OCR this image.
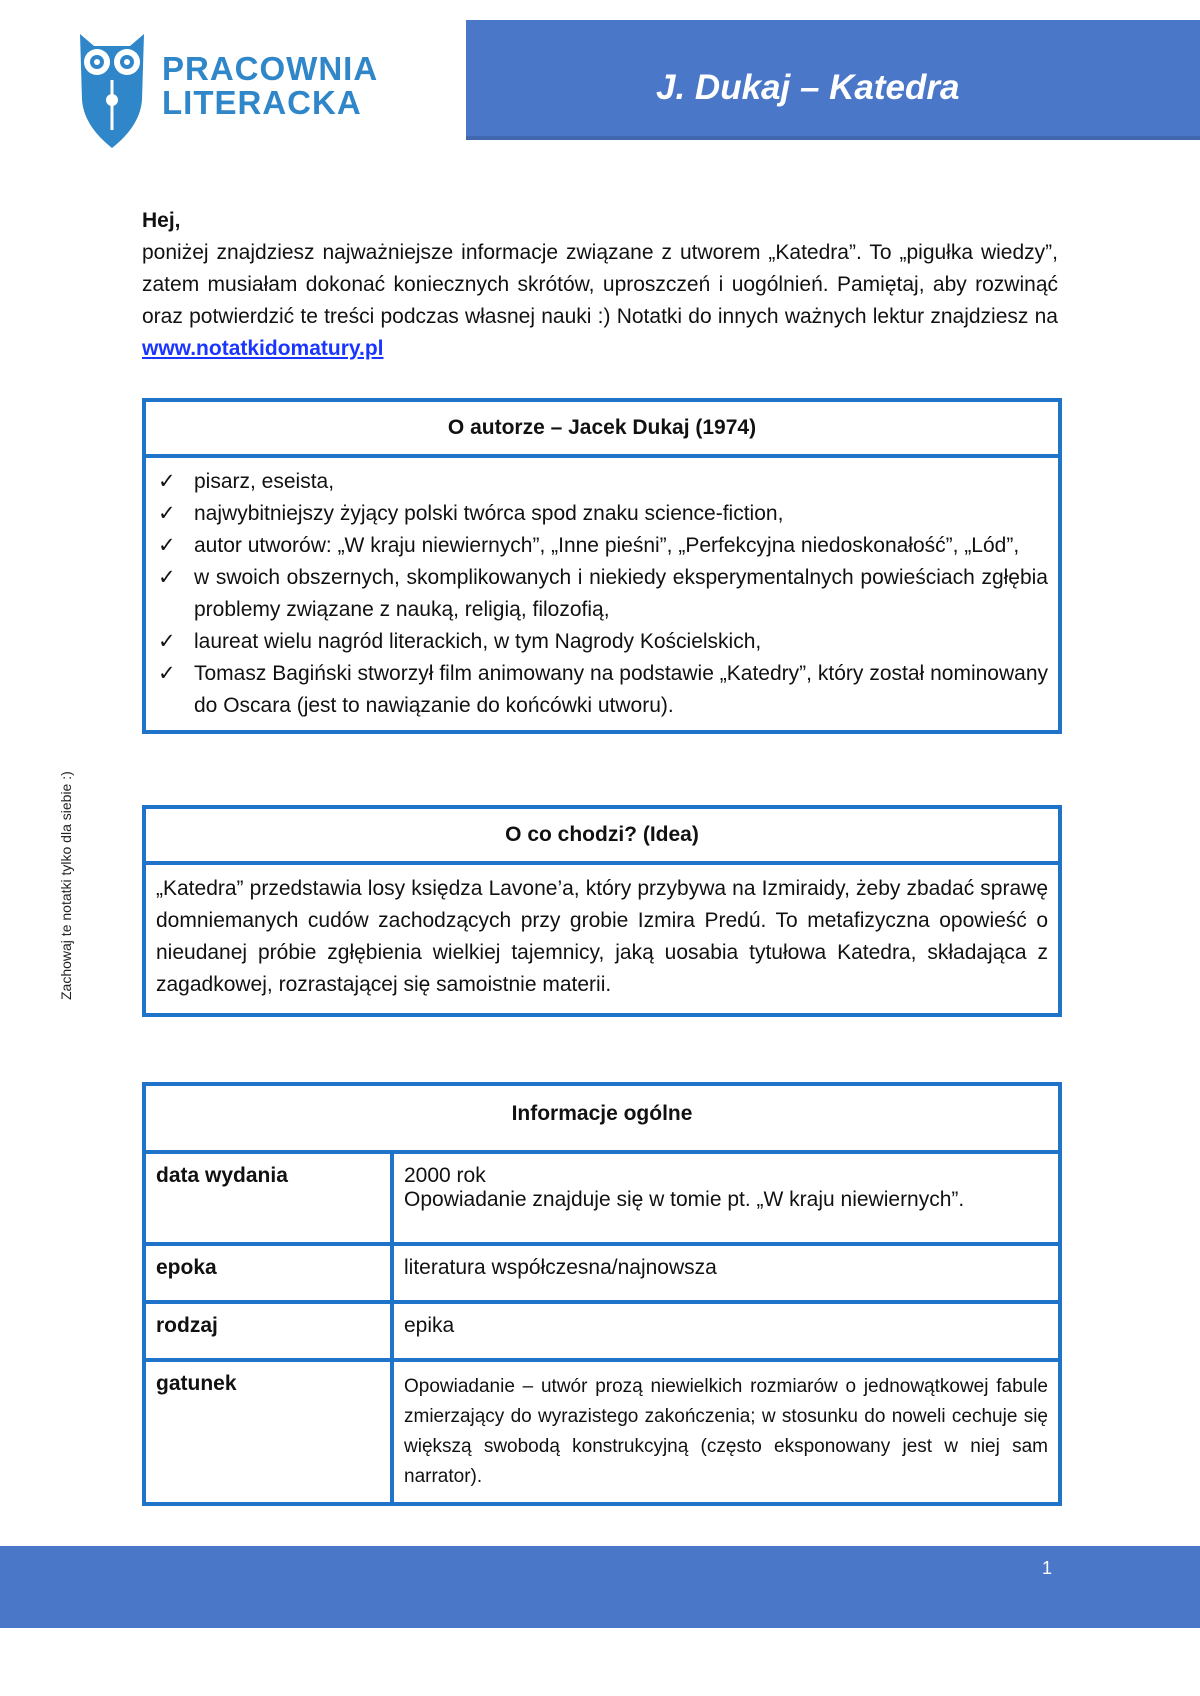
PRACOWNIA
LITERACKA	J. Dukaj – Katedra
Zachowaj te notatki tylko dla siebie :)
Hej,
poniżej znajdziesz najważniejsze informacje związane z utworem „Katedra”. To „pigułka wiedzy”, zatem musiałam dokonać koniecznych skrótów, uproszczeń i uogólnień. Pamiętaj, aby rozwinąć oraz potwierdzić te treści podczas własnej nauki :) Notatki do innych ważnych lektur znajdziesz na www.notatkidomatury.pl
O autorze – Jacek Dukaj (1974)
✓ pisarz, eseista,
✓ najwybitniejszy żyjący polski twórca spod znaku science-fiction,
✓ autor utworów: „W kraju niewiernych”, „Inne pieśni”, „Perfekcyjna niedoskonałość”, „Lód”,
✓ w swoich obszernych, skomplikowanych i niekiedy eksperymentalnych powieściach zgłębia problemy związane z nauką, religią, filozofią,
✓ laureat wielu nagród literackich, w tym Nagrody Kościelskich,
✓ Tomasz Bagiński stworzył film animowany na podstawie „Katedry”, który został nominowany do Oscara (jest to nawiązanie do końcówki utworu).
O co chodzi? (Idea)
„Katedra” przedstawia losy księdza Lavone’a, który przybywa na Izmiraidy, żeby zbadać sprawę domniemanych cudów zachodzących przy grobie Izmira Predú. To metafizyczna opowieść o nieudanej próbie zgłębienia wielkiej tajemnicy, jaką uosabia tytułowa Katedra, składająca z zagadkowej, rozrastającej się samoistnie materii.
Informacje ogólne
data wydania	2000 rok
Opowiadanie znajduje się w tomie pt. „W kraju niewiernych”.

epoka	literatura współczesna/najnowsza
rodzaj	epika
gatunek	Opowiadanie – utwór prozą niewielkich rozmiarów o jednowątkowej fabule zmierzający do wyrazistego zakończenia; w stosunku do noweli cechuje się większą swobodą konstrukcyjną (często eksponowany jest w niej sam narrator).
1
